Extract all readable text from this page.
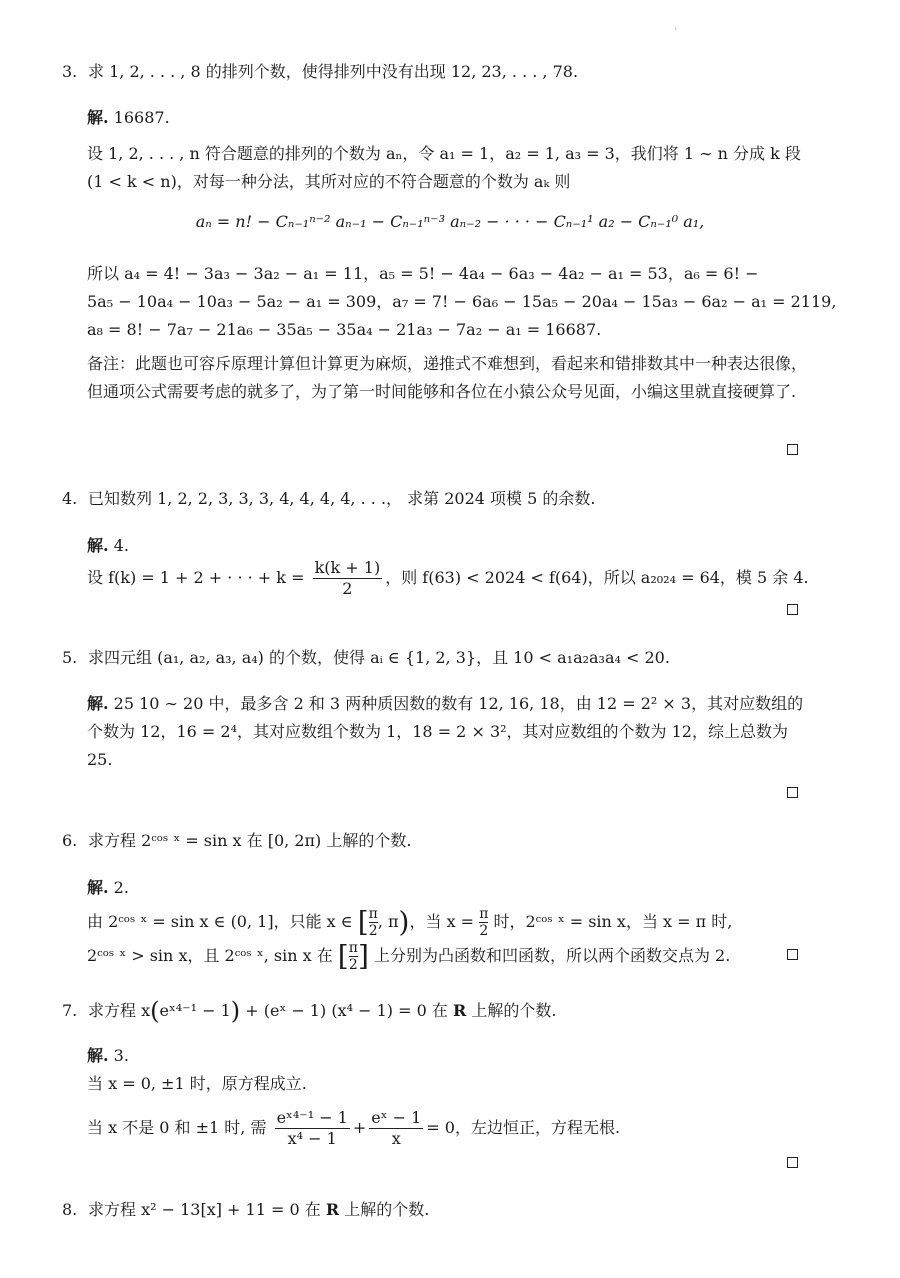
ı
3. 求 1, 2, . . . , 8 的排列个数，使得排列中没有出现 12, 23, . . . , 78.
解. 16687.
设 1, 2, . . . , n 符合题意的排列的个数为 aₙ，令 a₁ = 1，a₂ = 1, a₃ = 3，我们将 1 ∼ n 分成 k 段
(1 < k < n)，对每一种分法，其所对应的不符合题意的个数为 aₖ 则
aₙ = n! − Cₙ₋₁ⁿ⁻² aₙ₋₁ − Cₙ₋₁ⁿ⁻³ aₙ₋₂ − · · · − Cₙ₋₁¹ a₂ − Cₙ₋₁⁰ a₁,
所以 a₄ = 4! − 3a₃ − 3a₂ − a₁ = 11，a₅ = 5! − 4a₄ − 6a₃ − 4a₂ − a₁ = 53，a₆ = 6! −
5a₅ − 10a₄ − 10a₃ − 5a₂ − a₁ = 309，a₇ = 7! − 6a₆ − 15a₅ − 20a₄ − 15a₃ − 6a₂ − a₁ = 2119,
a₈ = 8! − 7a₇ − 21a₆ − 35a₅ − 35a₄ − 21a₃ − 7a₂ − a₁ = 16687.
备注：此题也可容斥原理计算但计算更为麻烦，递推式不难想到，看起来和错排数其中一种表达很像，但通项公式需要考虑的就多了，为了第一时间能够和各位在小猿公众号见面，小编这里就直接硬算了.
4. 已知数列 1, 2, 2, 3, 3, 3, 4, 4, 4, 4, . . .， 求第 2024 项模 5 的余数.
解. 4.
设 f(k) = 1 + 2 + · · · + $k = \frac{k(k + 1)}{2}$ ，则 f(63) < 2024 < f(64)，所以 a₂₀₂₄ = 64，模 5 余 4.
5. 求四元组 (a₁, a₂, a₃, a₄) 的个数，使得 aᵢ ∈ {1, 2, 3}，且 10 < a₁a₂a₃a₄ < 20.
解. 25 10 ∼ 20 中，最多含 2 和 3 两种质因数的数有 12, 16, 18，由 12 = 2² × 3，其对应数组的个数为 12，16 = 2⁴，其对应数组个数为 1，18 = 2 × 3²，其对应数组的个数为 12，综上总数为 25.
6. 求方程 2ᶜᵒˢ ˣ = sin x 在 [0, 2π) 上解的个数.
解. 2.
由 2ᶜᵒˢ ˣ = sin x ∈ (0, 1]，只能 x ∈ [ $\frac{\pi}{2}$ , π)，当 $x = \frac{\pi}{2}$ 时，2ᶜᵒˢ ˣ = sin x，当 x = π 时,
2ᶜᵒˢ ˣ > sin x，且 2ᶜᵒˢ ˣ, sin x 在 [ $\frac{\pi}{2}$ ] 上分别为凸函数和凹函数，所以两个函数交点为 2.
7. 求方程 x(eˣ⁴⁻¹ − 1) + (eˣ − 1) (x⁴ − 1) = 0 在 R 上解的个数.
解. 3.
当 x = 0, ±1 时，原方程成立.
当 x 不是 0 和 ±1 时, 需 $\frac{\text{eˣ⁴⁻¹ − 1}}{\text{x⁴ − 1}} + \frac{\text{eˣ − 1}}{x} = 0$，左边恒正，方程无根.
8. 求方程 x² − 13[x] + 11 = 0 在 R 上解的个数.
